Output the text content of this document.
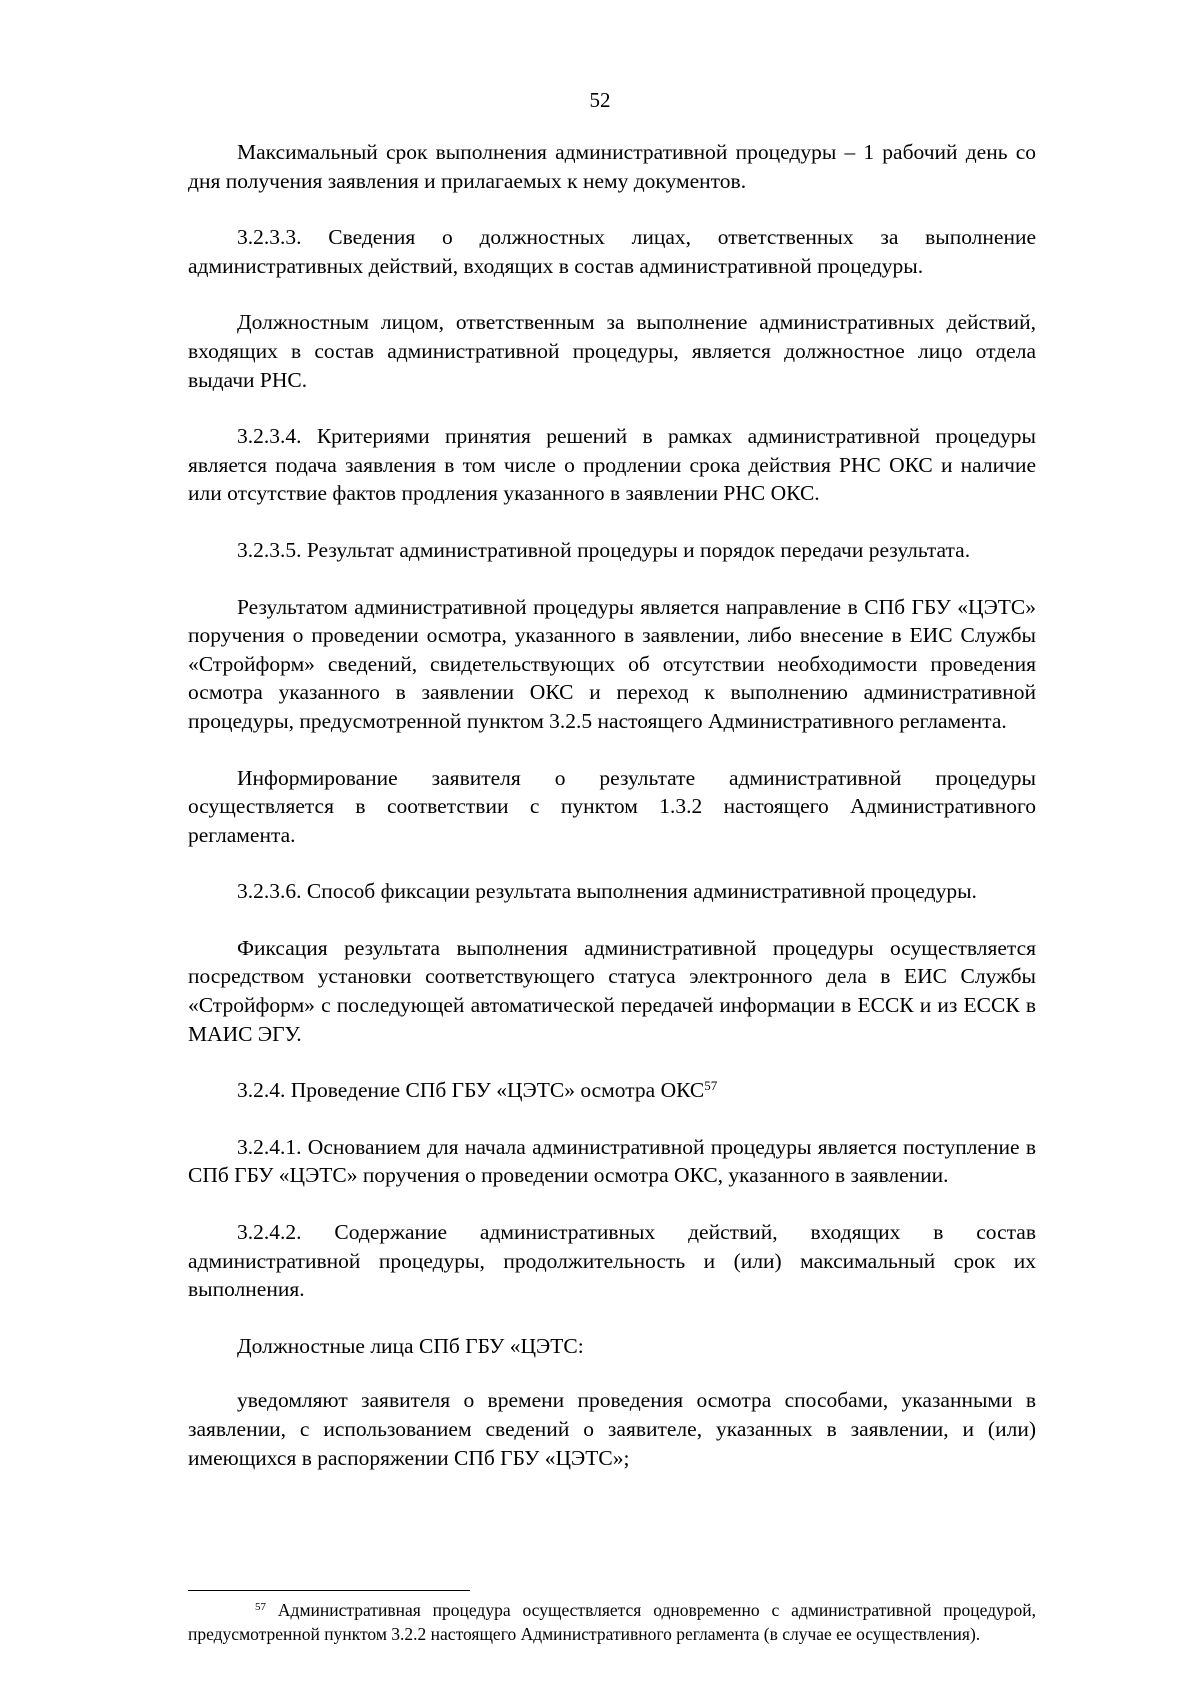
52

Максимальный срок выполнения административной процедуры – 1 рабочий день со дня получения заявления и прилагаемых к нему документов.

3.2.3.3. Сведения о должностных лицах, ответственных за выполнение административных действий, входящих в состав административной процедуры.

Должностным лицом, ответственным за выполнение административных действий, входящих в состав административной процедуры, является должностное лицо отдела выдачи РНС.

3.2.3.4. Критериями принятия решений в рамках административной процедуры является подача заявления в том числе о продлении срока действия РНС ОКС и наличие или отсутствие фактов продления указанного в заявлении РНС ОКС.

3.2.3.5. Результат административной процедуры и порядок передачи результата.

Результатом административной процедуры является направление в СПб ГБУ «ЦЭТС» поручения о проведении осмотра, указанного в заявлении, либо внесение в ЕИС Службы «Стройформ» сведений, свидетельствующих об отсутствии необходимости проведения осмотра указанного в заявлении ОКС и переход к выполнению административной процедуры, предусмотренной пунктом 3.2.5 настоящего Административного регламента.

Информирование заявителя о результате административной процедуры осуществляется в соответствии с пунктом 1.3.2 настоящего Административного регламента.

3.2.3.6. Способ фиксации результата выполнения административной процедуры.

Фиксация результата выполнения административной процедуры осуществляется посредством установки соответствующего статуса электронного дела в ЕИС Службы «Стройформ» с последующей автоматической передачей информации в ЕССК и из ЕССК в МАИС ЭГУ.

3.2.4. Проведение СПб ГБУ «ЦЭТС» осмотра ОКС$^{57}$

3.2.4.1. Основанием для начала административной процедуры является поступление в СПб ГБУ «ЦЭТС» поручения о проведении осмотра ОКС, указанного в заявлении.

3.2.4.2. Содержание административных действий, входящих в состав административной процедуры, продолжительность и (или) максимальный срок их выполнения.

Должностные лица СПб ГБУ «ЦЭТС:

уведомляют заявителя о времени проведения осмотра способами, указанными в заявлении, с использованием сведений о заявителе, указанных в заявлении, и (или) имеющихся в распоряжении СПб ГБУ «ЦЭТС»;

$^{57}$ Административная процедура осуществляется одновременно с административной процедурой, предусмотренной пунктом 3.2.2 настоящего Административного регламента (в случае ее осуществления).
